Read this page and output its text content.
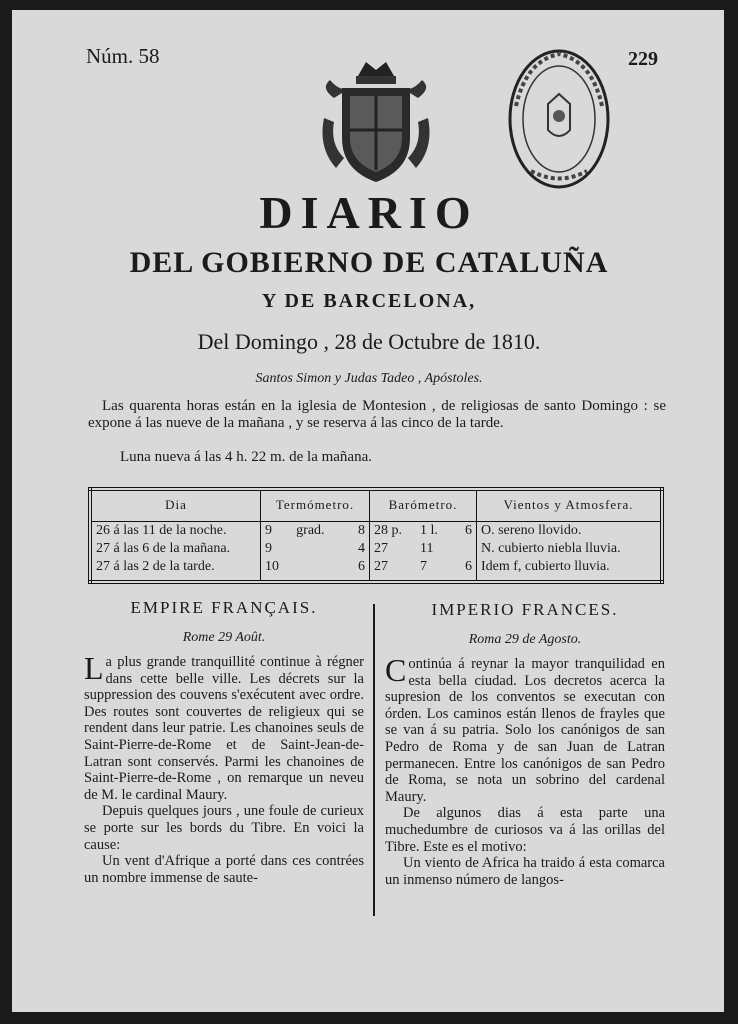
Núm. 58	229
DIARIO
DEL GOBIERNO DE CATALUÑA
Y DE BARCELONA,
Del Domingo , 28 de Octubre de 1810.
Santos Simon y Judas Tadeo , Apóstoles.
Las quarenta horas están en la iglesia de Montesion , de religiosas de santo Domingo : se expone á las nueve de la mañana , y se reserva á las cinco de la tarde.
Luna nueva á las 4 h. 22 m. de la mañana.
Dia	Termómetro.			Barómetro.			Vientos y Atmosfera.
26 á las 11 de la noche.	9	grad.	8	28 p.	1 l.	6	O. sereno llovido.
27 á las 6 de la mañana.	9		4	27	11		N. cubierto niebla lluvia.
27 á las 2 de la tarde.	10		6	27	7	6	Idem f, cubierto lluvia.
EMPIRE FRANÇAIS.
Rome 29 Août.

La plus grande tranquillité continue à régner dans cette belle ville. Les décrets sur la suppression des couvens s'exécutent avec ordre. Des routes sont couvertes de religieux qui se rendent dans leur patrie. Les chanoines seuls de Saint-Pierre-de-Rome et de Saint-Jean-de-Latran sont conservés. Parmi les chanoines de Saint-Pierre-de-Rome , on remarque un neveu de M. le cardinal Maury.

Depuis quelques jours , une foule de curieux se porte sur les bords du Tibre. En voici la cause:

Un vent d'Afrique a porté dans ces contrées un nombre immense de saute-

IMPERIO FRANCES.
Roma 29 de Agosto.

Continúa á reynar la mayor tranquilidad en esta bella ciudad. Los decretos acerca la supresion de los conventos se executan con órden. Los caminos están llenos de frayles que se van á su patria. Solo los canónigos de san Pedro de Roma y de san Juan de Latran permanecen. Entre los canónigos de san Pedro de Roma, se nota un sobrino del cardenal Maury.

De algunos dias á esta parte una muchedumbre de curiosos va á las orillas del Tibre. Este es el motivo:

Un viento de Africa ha traido á esta comarca un inmenso número de langos-
